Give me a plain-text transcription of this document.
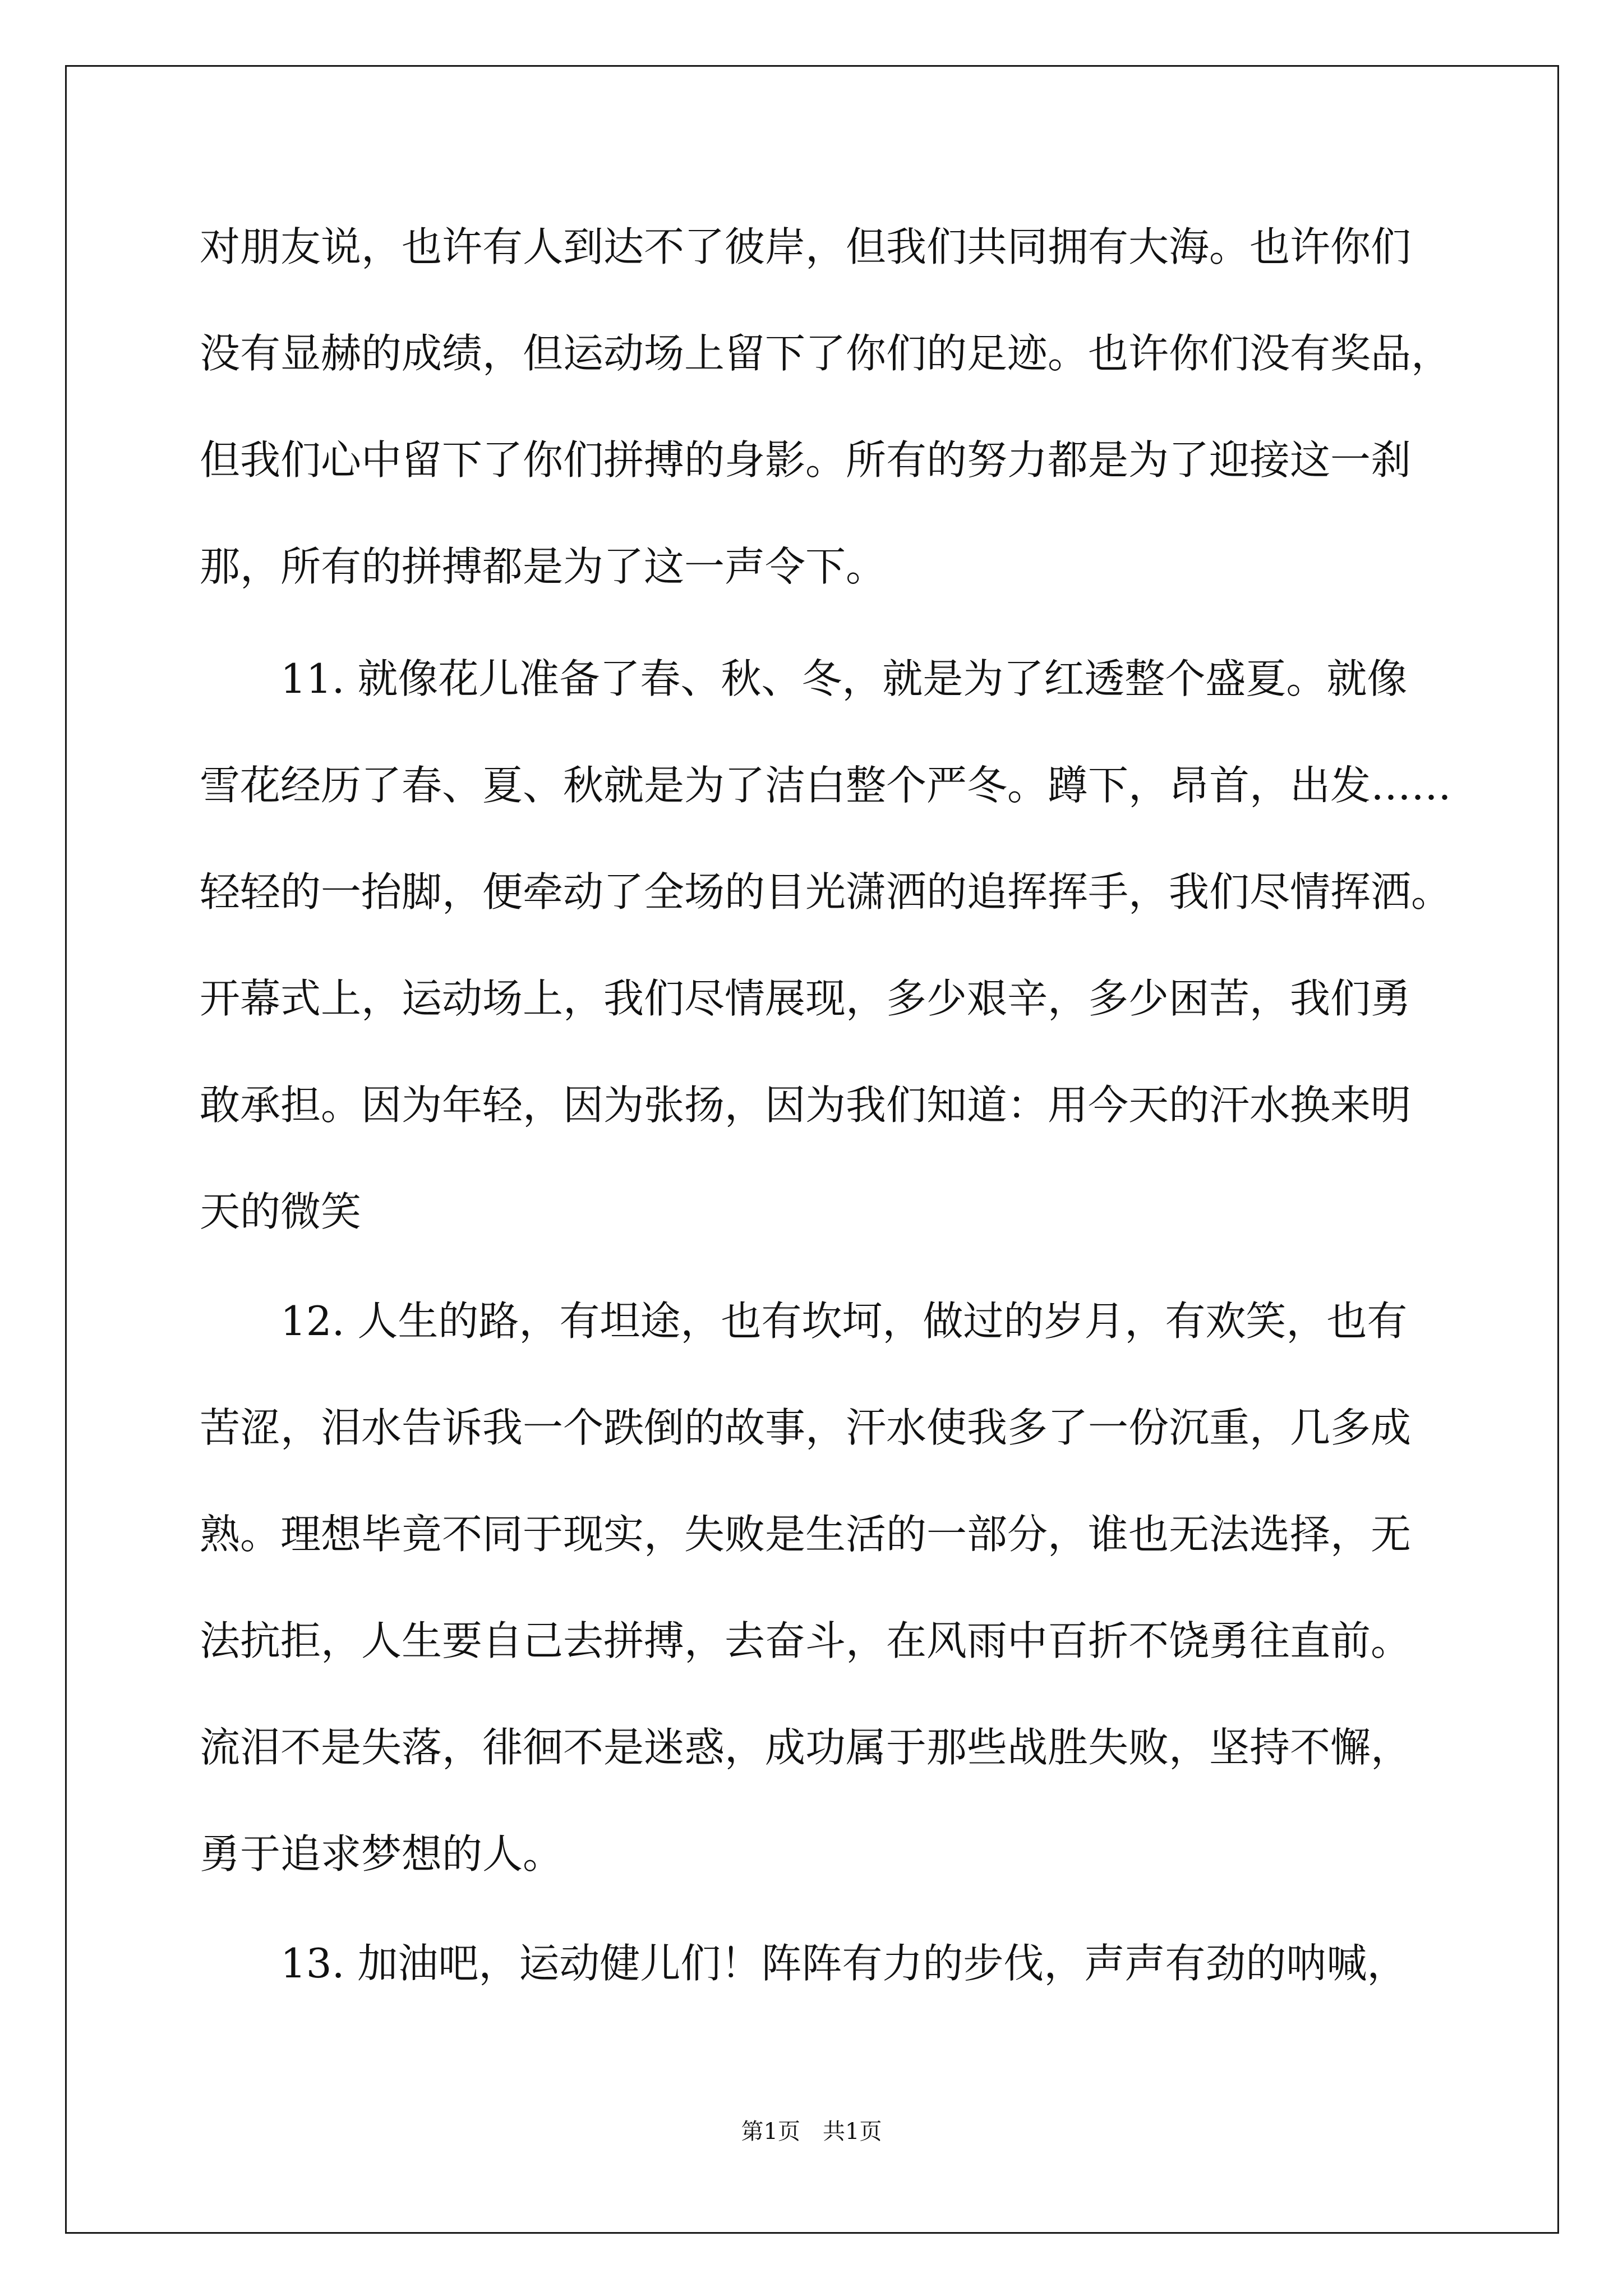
对朋友说，也许有人到达不了彼岸，但我们共同拥有大海。也许你们

没有显赫的成绩，但运动场上留下了你们的足迹。也许你们没有奖品，

但我们心中留下了你们拼搏的身影。所有的努力都是为了迎接这一刹

那，所有的拼搏都是为了这一声令下。

　　11. 就像花儿准备了春、秋、冬，就是为了红透整个盛夏。就像

雪花经历了春、夏、秋就是为了洁白整个严冬。蹲下，昂首，出发……

轻轻的一抬脚，便牵动了全场的目光潇洒的追挥挥手，我们尽情挥洒。

开幕式上，运动场上，我们尽情展现，多少艰辛，多少困苦，我们勇

敢承担。因为年轻，因为张扬，因为我们知道：用今天的汗水换来明

天的微笑

　　12. 人生的路，有坦途，也有坎坷，做过的岁月，有欢笑，也有

苦涩，泪水告诉我一个跌倒的故事，汗水使我多了一份沉重，几多成

熟。理想毕竟不同于现实，失败是生活的一部分，谁也无法选择，无

法抗拒，人生要自己去拼搏，去奋斗，在风雨中百折不饶勇往直前。

流泪不是失落，徘徊不是迷惑，成功属于那些战胜失败，坚持不懈，

勇于追求梦想的人。

　　13. 加油吧，运动健儿们！阵阵有力的步伐，声声有劲的呐喊，

第1页　共1页
